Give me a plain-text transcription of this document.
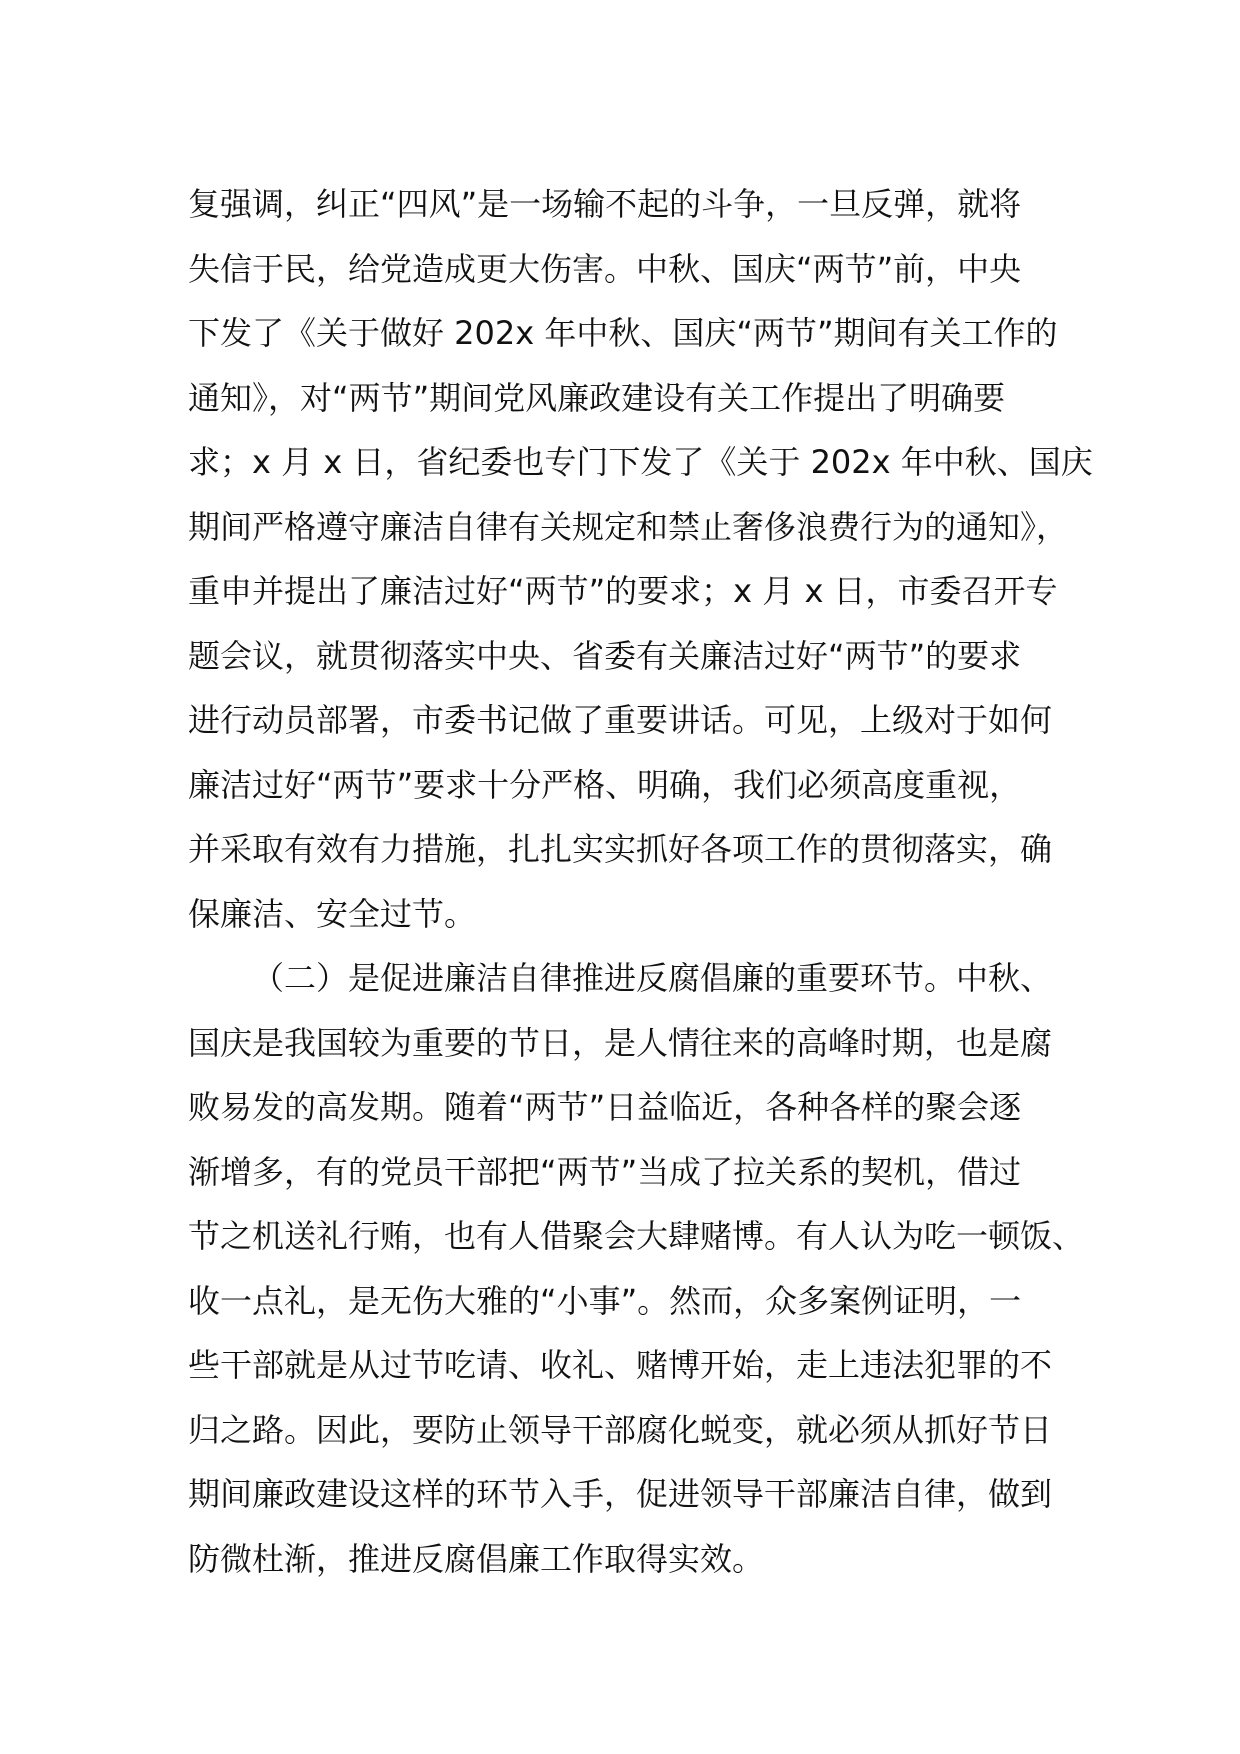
复强调，纠正“四风”是一场输不起的斗争，一旦反弹，就将
失信于民，给党造成更大伤害。中秋、国庆“两节”前，中央
下发了《关于做好 202x 年中秋、国庆“两节”期间有关工作的
通知》，对“两节”期间党风廉政建设有关工作提出了明确要
求；x 月 x 日，省纪委也专门下发了《关于 202x 年中秋、国庆
期间严格遵守廉洁自律有关规定和禁止奢侈浪费行为的通知》，
重申并提出了廉洁过好“两节”的要求；x 月 x 日，市委召开专
题会议，就贯彻落实中央、省委有关廉洁过好“两节”的要求
进行动员部署，市委书记做了重要讲话。可见，上级对于如何
廉洁过好“两节”要求十分严格、明确，我们必须高度重视，
并采取有效有力措施，扎扎实实抓好各项工作的贯彻落实，确
保廉洁、安全过节。
（二）是促进廉洁自律推进反腐倡廉的重要环节。中秋、
国庆是我国较为重要的节日，是人情往来的高峰时期，也是腐
败易发的高发期。随着“两节”日益临近，各种各样的聚会逐
渐增多，有的党员干部把“两节”当成了拉关系的契机，借过
节之机送礼行贿，也有人借聚会大肆赌博。有人认为吃一顿饭、
收一点礼，是无伤大雅的“小事”。然而，众多案例证明，一
些干部就是从过节吃请、收礼、赌博开始，走上违法犯罪的不
归之路。因此，要防止领导干部腐化蜕变，就必须从抓好节日
期间廉政建设这样的环节入手，促进领导干部廉洁自律，做到
防微杜渐，推进反腐倡廉工作取得实效。
